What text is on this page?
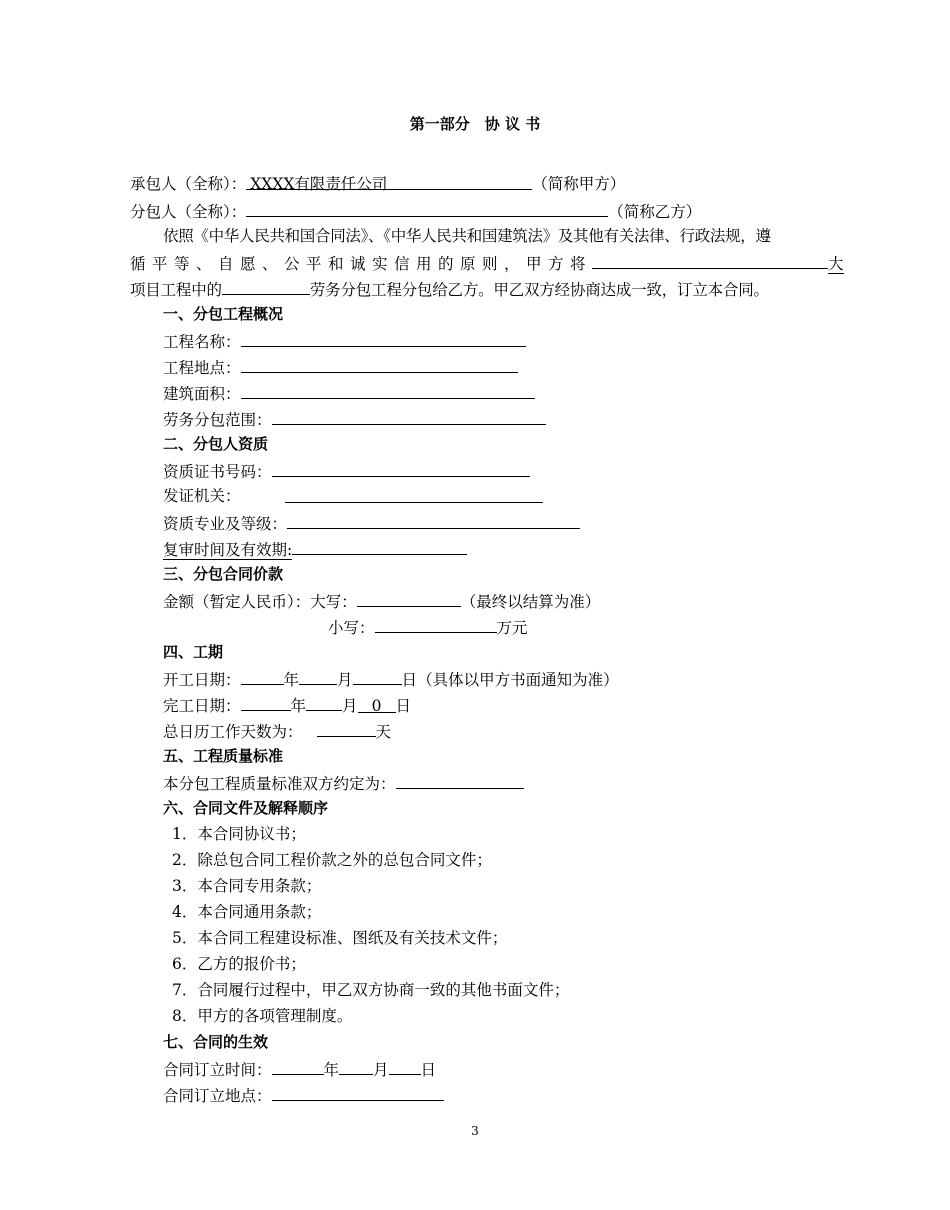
第一部分　协 议 书
承包人（全称）： XXXX有限责任公司	（简称甲方）
分包人（全称）：	（简称乙方）
依照《中华人民共和国合同法》、《中华人民共和国建筑法》及其他有关法律、行政法规，遵
循平等、自愿、公平和诚实信用的原则，甲方将	大
项目工程中的	劳务分包工程分包给乙方。甲乙双方经协商达成一致，订立本合同。
一、分包工程概况
工程名称：
工程地点：
建筑面积：
劳务分包范围：
二、分包人资质
资质证书号码：
发证机关：
资质专业及等级：
复审时间及有效期:
三、分包合同价款
金额（暂定人民币）：大写：	（最终以结算为准）
小写：	万元
四、工期
开工日期：	年 月	日（具体以甲方书面通知为准）
完工日期：	年 月 0 日
总日历工作天数为：	天
五、工程质量标准
本分包工程质量标准双方约定为：
六、合同文件及解释顺序
1．本合同协议书；
2．除总包合同工程价款之外的总包合同文件；
3．本合同专用条款；
4．本合同通用条款；
5．本合同工程建设标准、图纸及有关技术文件；
6．乙方的报价书；
7．合同履行过程中，甲乙双方协商一致的其他书面文件；
8．甲方的各项管理制度。
七、合同的生效
合同订立时间：	年 月 日
合同订立地点：
3
